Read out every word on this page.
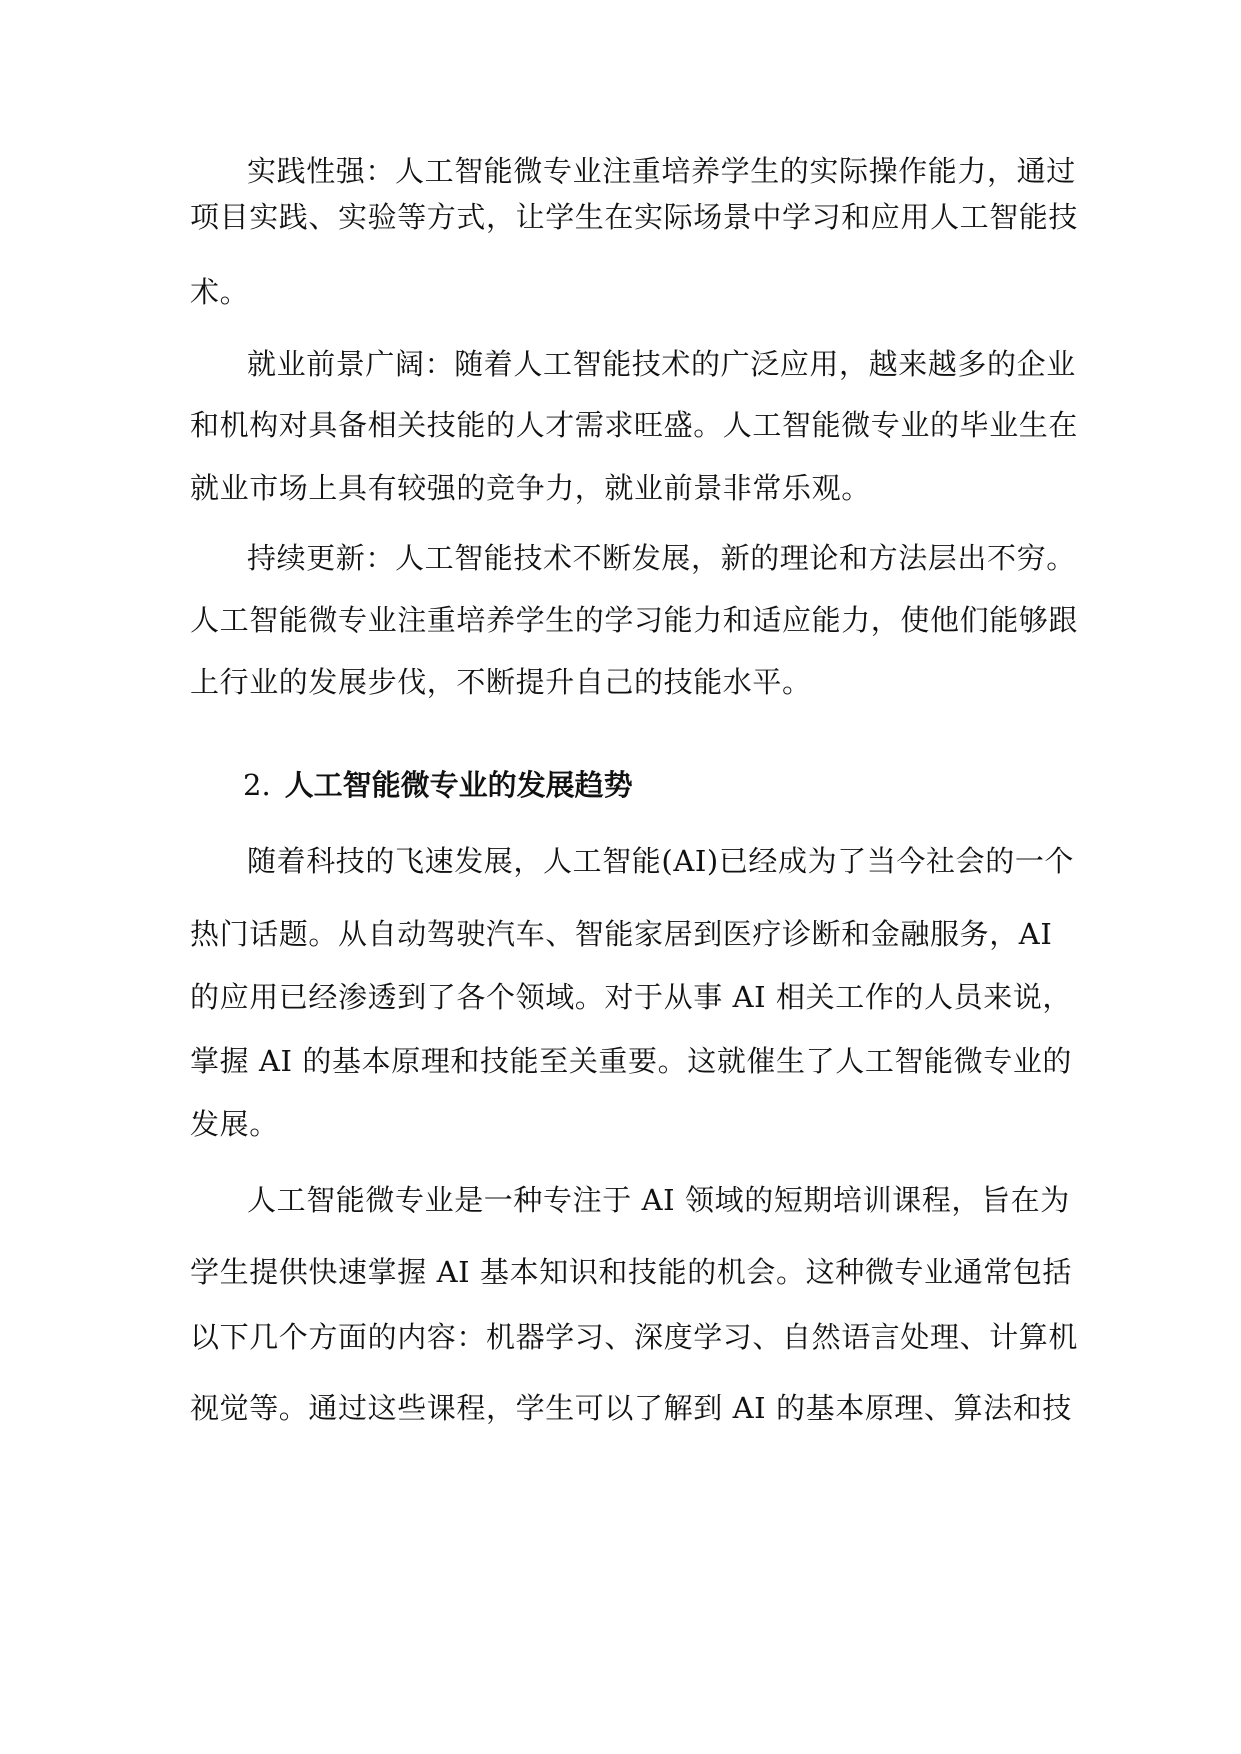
实践性强：人工智能微专业注重培养学生的实际操作能力，通过
项目实践、实验等方式，让学生在实际场景中学习和应用人工智能技
术。
就业前景广阔：随着人工智能技术的广泛应用，越来越多的企业
和机构对具备相关技能的人才需求旺盛。人工智能微专业的毕业生在
就业市场上具有较强的竞争力，就业前景非常乐观。
持续更新：人工智能技术不断发展，新的理论和方法层出不穷。
人工智能微专业注重培养学生的学习能力和适应能力，使他们能够跟
上行业的发展步伐，不断提升自己的技能水平。
2. 人工智能微专业的发展趋势
随着科技的飞速发展，人工智能(AI)已经成为了当今社会的一个
热门话题。从自动驾驶汽车、智能家居到医疗诊断和金融服务，AI
的应用已经渗透到了各个领域。对于从事 AI 相关工作的人员来说，
掌握 AI 的基本原理和技能至关重要。这就催生了人工智能微专业的
发展。
人工智能微专业是一种专注于 AI 领域的短期培训课程，旨在为
学生提供快速掌握 AI 基本知识和技能的机会。这种微专业通常包括
以下几个方面的内容：机器学习、深度学习、自然语言处理、计算机
视觉等。通过这些课程，学生可以了解到 AI 的基本原理、算法和技
